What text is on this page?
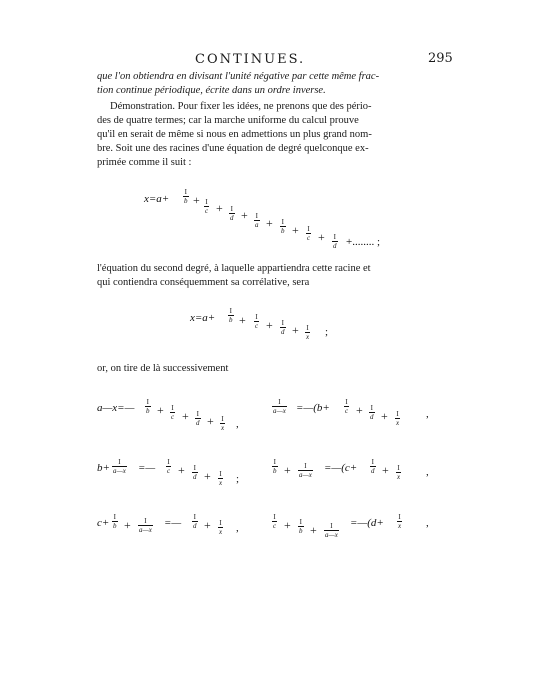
CONTINUES.	295
que l'on obtiendra en divisant l'unité négative par cette même frac-
tion continue périodique, écrite dans un ordre inverse.
Démonstration. Pour fixer les idées, ne prenons que des pério-
des de quatre termes; car la marche uniforme du calcul prouve
qu'il en serait de même si nous en admettions un plus grand nom-
bre. Soit une des racines d'une équation de degré quelconque ex-
primée comme il suit :
$x=a+ \frac{I}{b} + \frac{I}{c} + \frac{I}{d} + \frac{I}{a} + \frac{I}{b} + \frac{I}{c} + \frac{I}{d}$ +........ ;
l'équation du second degré, à laquelle appartiendra cette racine et
qui contiendra conséquemment sa corrélative, sera
$x=a+ \frac{I}{b} + \frac{I}{c} + \frac{I}{d} + \frac{I}{x}$ ;
or, on tire de là successivement
a—x=— $\frac{I}{b} + \frac{I}{c} + \frac{I}{d} + \frac{I}{x}$ ,
$\frac{I}{a—x}$ =—(b+ $\frac{I}{c} + \frac{I}{d} + \frac{I}{x}$ ,
$b+ \frac{I}{a—x}$ =— $\frac{I}{c} + \frac{I}{d} + \frac{I}{x}$ ;
$\frac{I}{b} + \frac{I}{a—x}$ =—(c+ $\frac{I}{d} + \frac{I}{x}$ ,
$c+ \frac{I}{b} + \frac{I}{a—x}$ =— $\frac{I}{d} + \frac{I}{x}$ ,	$\frac{I}{c} + \frac{I}{b} + \frac{I}{a—x}$ =—(d+ $\frac{I}{x}$ ,
